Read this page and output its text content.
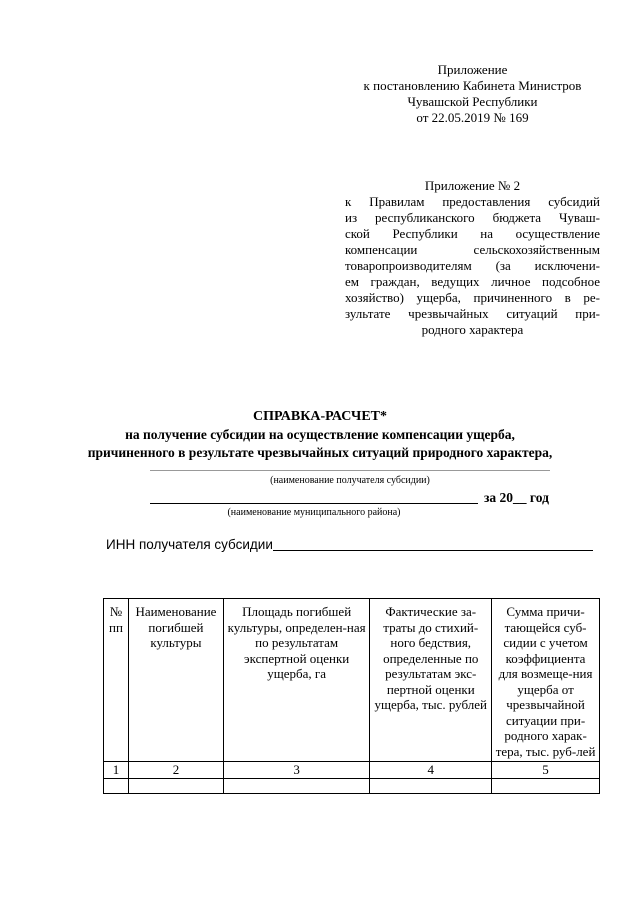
Приложение
к постановлению Кабинета Министров
Чувашской Республики
от 22.05.2019 № 169
Приложение № 2
к Правилам предоставления субсидий
из республиканского бюджета Чуваш-
ской Республики на осуществление
компенсации сельскохозяйственным
товаропроизводителям (за исключени-
ем граждан, ведущих личное подсобное
хозяйство) ущерба, причиненного в ре-
зультате чрезвычайных ситуаций при-
родного характера
СПРАВКА-РАСЧЕТ*
на получение субсидии на осуществление компенсации ущерба,
причиненного в результате чрезвычайных ситуаций природного характера,
(наименование получателя субсидии)
за 20__ год
(наименование муниципального района)
ИНН получателя субсидии
№ пп	Наименование погибшей культуры	Площадь погибшей культуры, определен-ная по результатам экспертной оценки ущерба, га	Фактические за-траты до стихий-ного бедствия, определенные по результатам экс-пертной оценки ущерба, тыс. рублей	Сумма причи-тающейся суб-сидии с учетом коэффициента для возмеще-ния ущерба от чрезвычайной ситуации при-родного харак-тера, тыс. руб-лей
1	2	3	4	5
